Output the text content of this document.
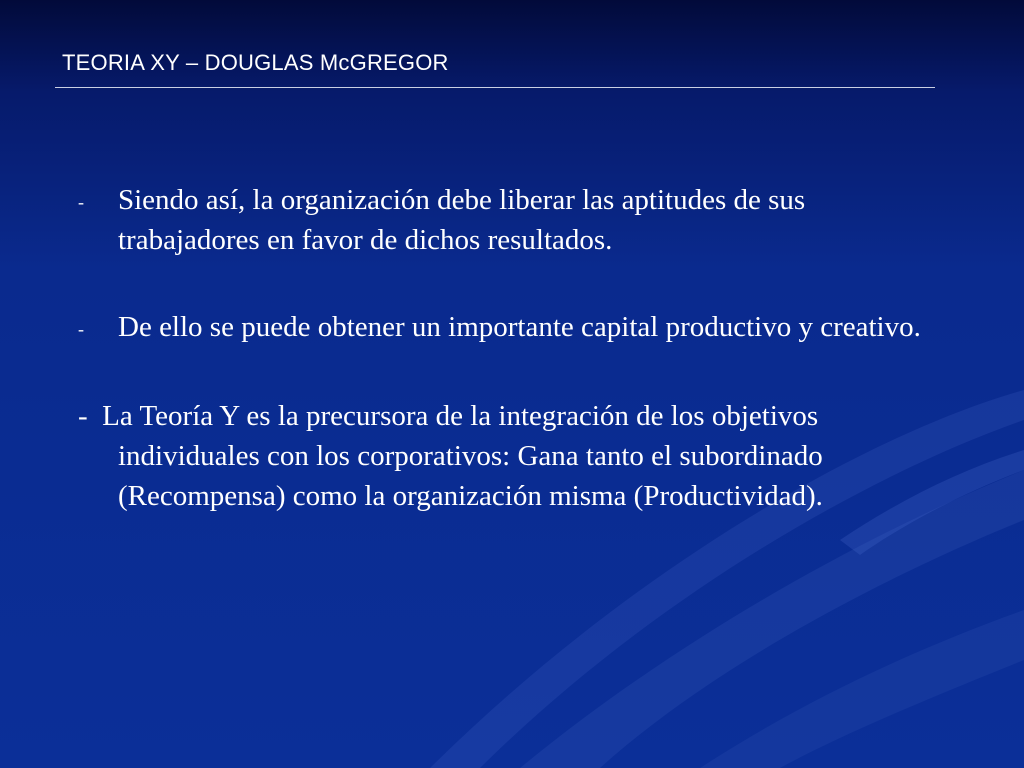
TEORIA XY – DOUGLAS McGREGOR
-	Siendo así, la organización debe liberar las aptitudes de sus trabajadores en favor de dichos resultados.
-	De ello se puede obtener un importante capital productivo y creativo.
- La Teoría Y es la precursora de la integración de los objetivos individuales con los corporativos: Gana tanto el subordinado (Recompensa) como la organización misma (Productividad).
